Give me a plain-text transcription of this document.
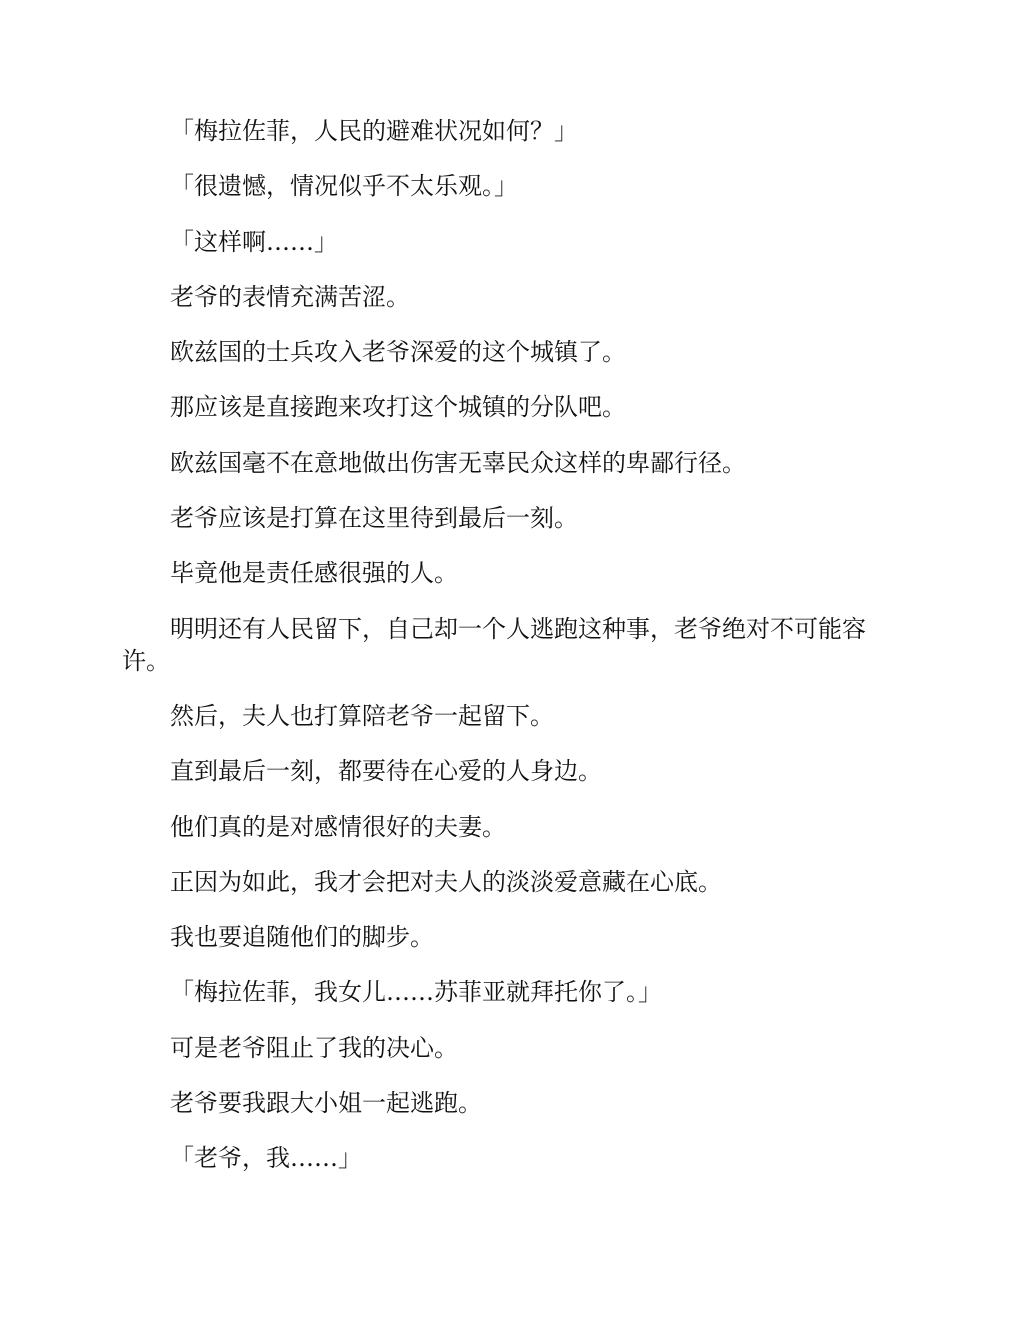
「梅拉佐菲，人民的避难状况如何？」

「很遗憾，情况似乎不太乐观。」

「这样啊……」

老爷的表情充满苦涩。

欧兹国的士兵攻入老爷深爱的这个城镇了。

那应该是直接跑来攻打这个城镇的分队吧。

欧兹国毫不在意地做出伤害无辜民众这样的卑鄙行径。

老爷应该是打算在这里待到最后一刻。

毕竟他是责任感很强的人。

明明还有人民留下，自己却一个人逃跑这种事，老爷绝对不可能容许。

然后，夫人也打算陪老爷一起留下。

直到最后一刻，都要待在心爱的人身边。

他们真的是对感情很好的夫妻。

正因为如此，我才会把对夫人的淡淡爱意藏在心底。

我也要追随他们的脚步。

「梅拉佐菲，我女儿……苏菲亚就拜托你了。」

可是老爷阻止了我的决心。

老爷要我跟大小姐一起逃跑。

「老爷，我……」
